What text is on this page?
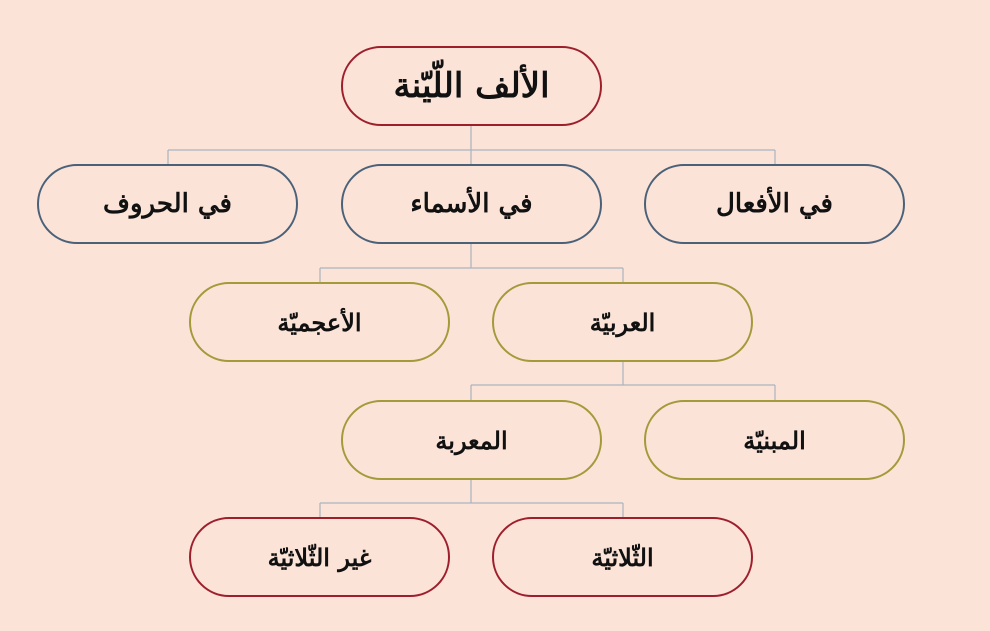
الألف اللّيّنة
في الأفعال
في الأسماء
في الحروف
العربيّة
الأعجميّة
المبنيّة
المعربة
الثّلاثيّة
غير الثّلاثيّة
